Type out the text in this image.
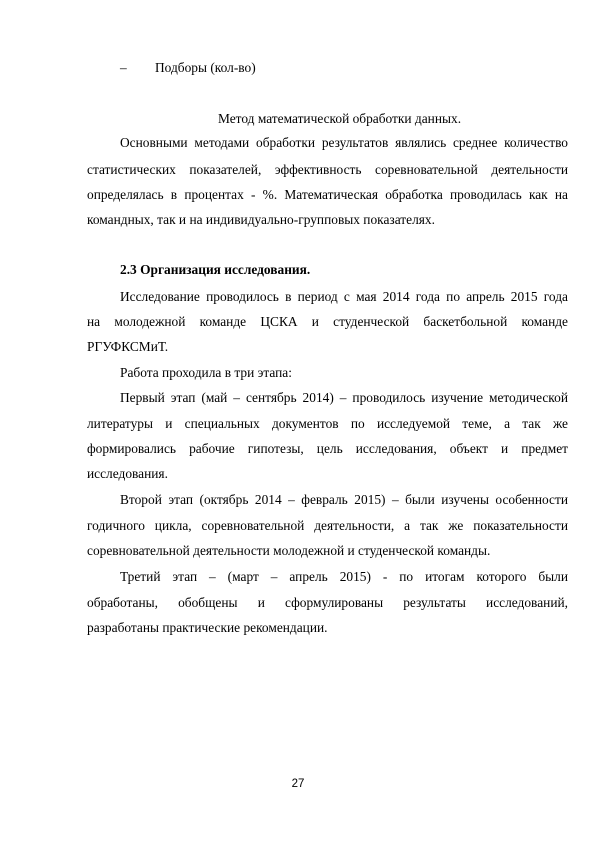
– Подборы (кол-во)
Метод математической обработки данных.
Основными методами обработки результатов являлись среднее количество
статистических показателей, эффективность соревновательной деятельности
определялась в процентах - %. Математическая обработка проводилась как на
командных, так и на индивидуально-групповых показателях.
2.3 Организация исследования.
Исследование проводилось в период с мая 2014 года по апрель 2015 года
на молодежной команде ЦСКА и студенческой баскетбольной команде
РГУФКСМиТ.
Работа проходила в три этапа:
Первый этап (май – сентябрь 2014) – проводилось изучение методической
литературы и специальных документов по исследуемой теме, а так же
формировались рабочие гипотезы, цель исследования, объект и предмет
исследования.
Второй этап (октябрь 2014 – февраль 2015) – были изучены особенности
годичного цикла, соревновательной деятельности, а так же показательности
соревновательной деятельности молодежной и студенческой команды.
Третий этап – (март – апрель 2015) - по итогам которого были
обработаны, обобщены и сформулированы результаты исследований,
разработаны практические рекомендации.
27
